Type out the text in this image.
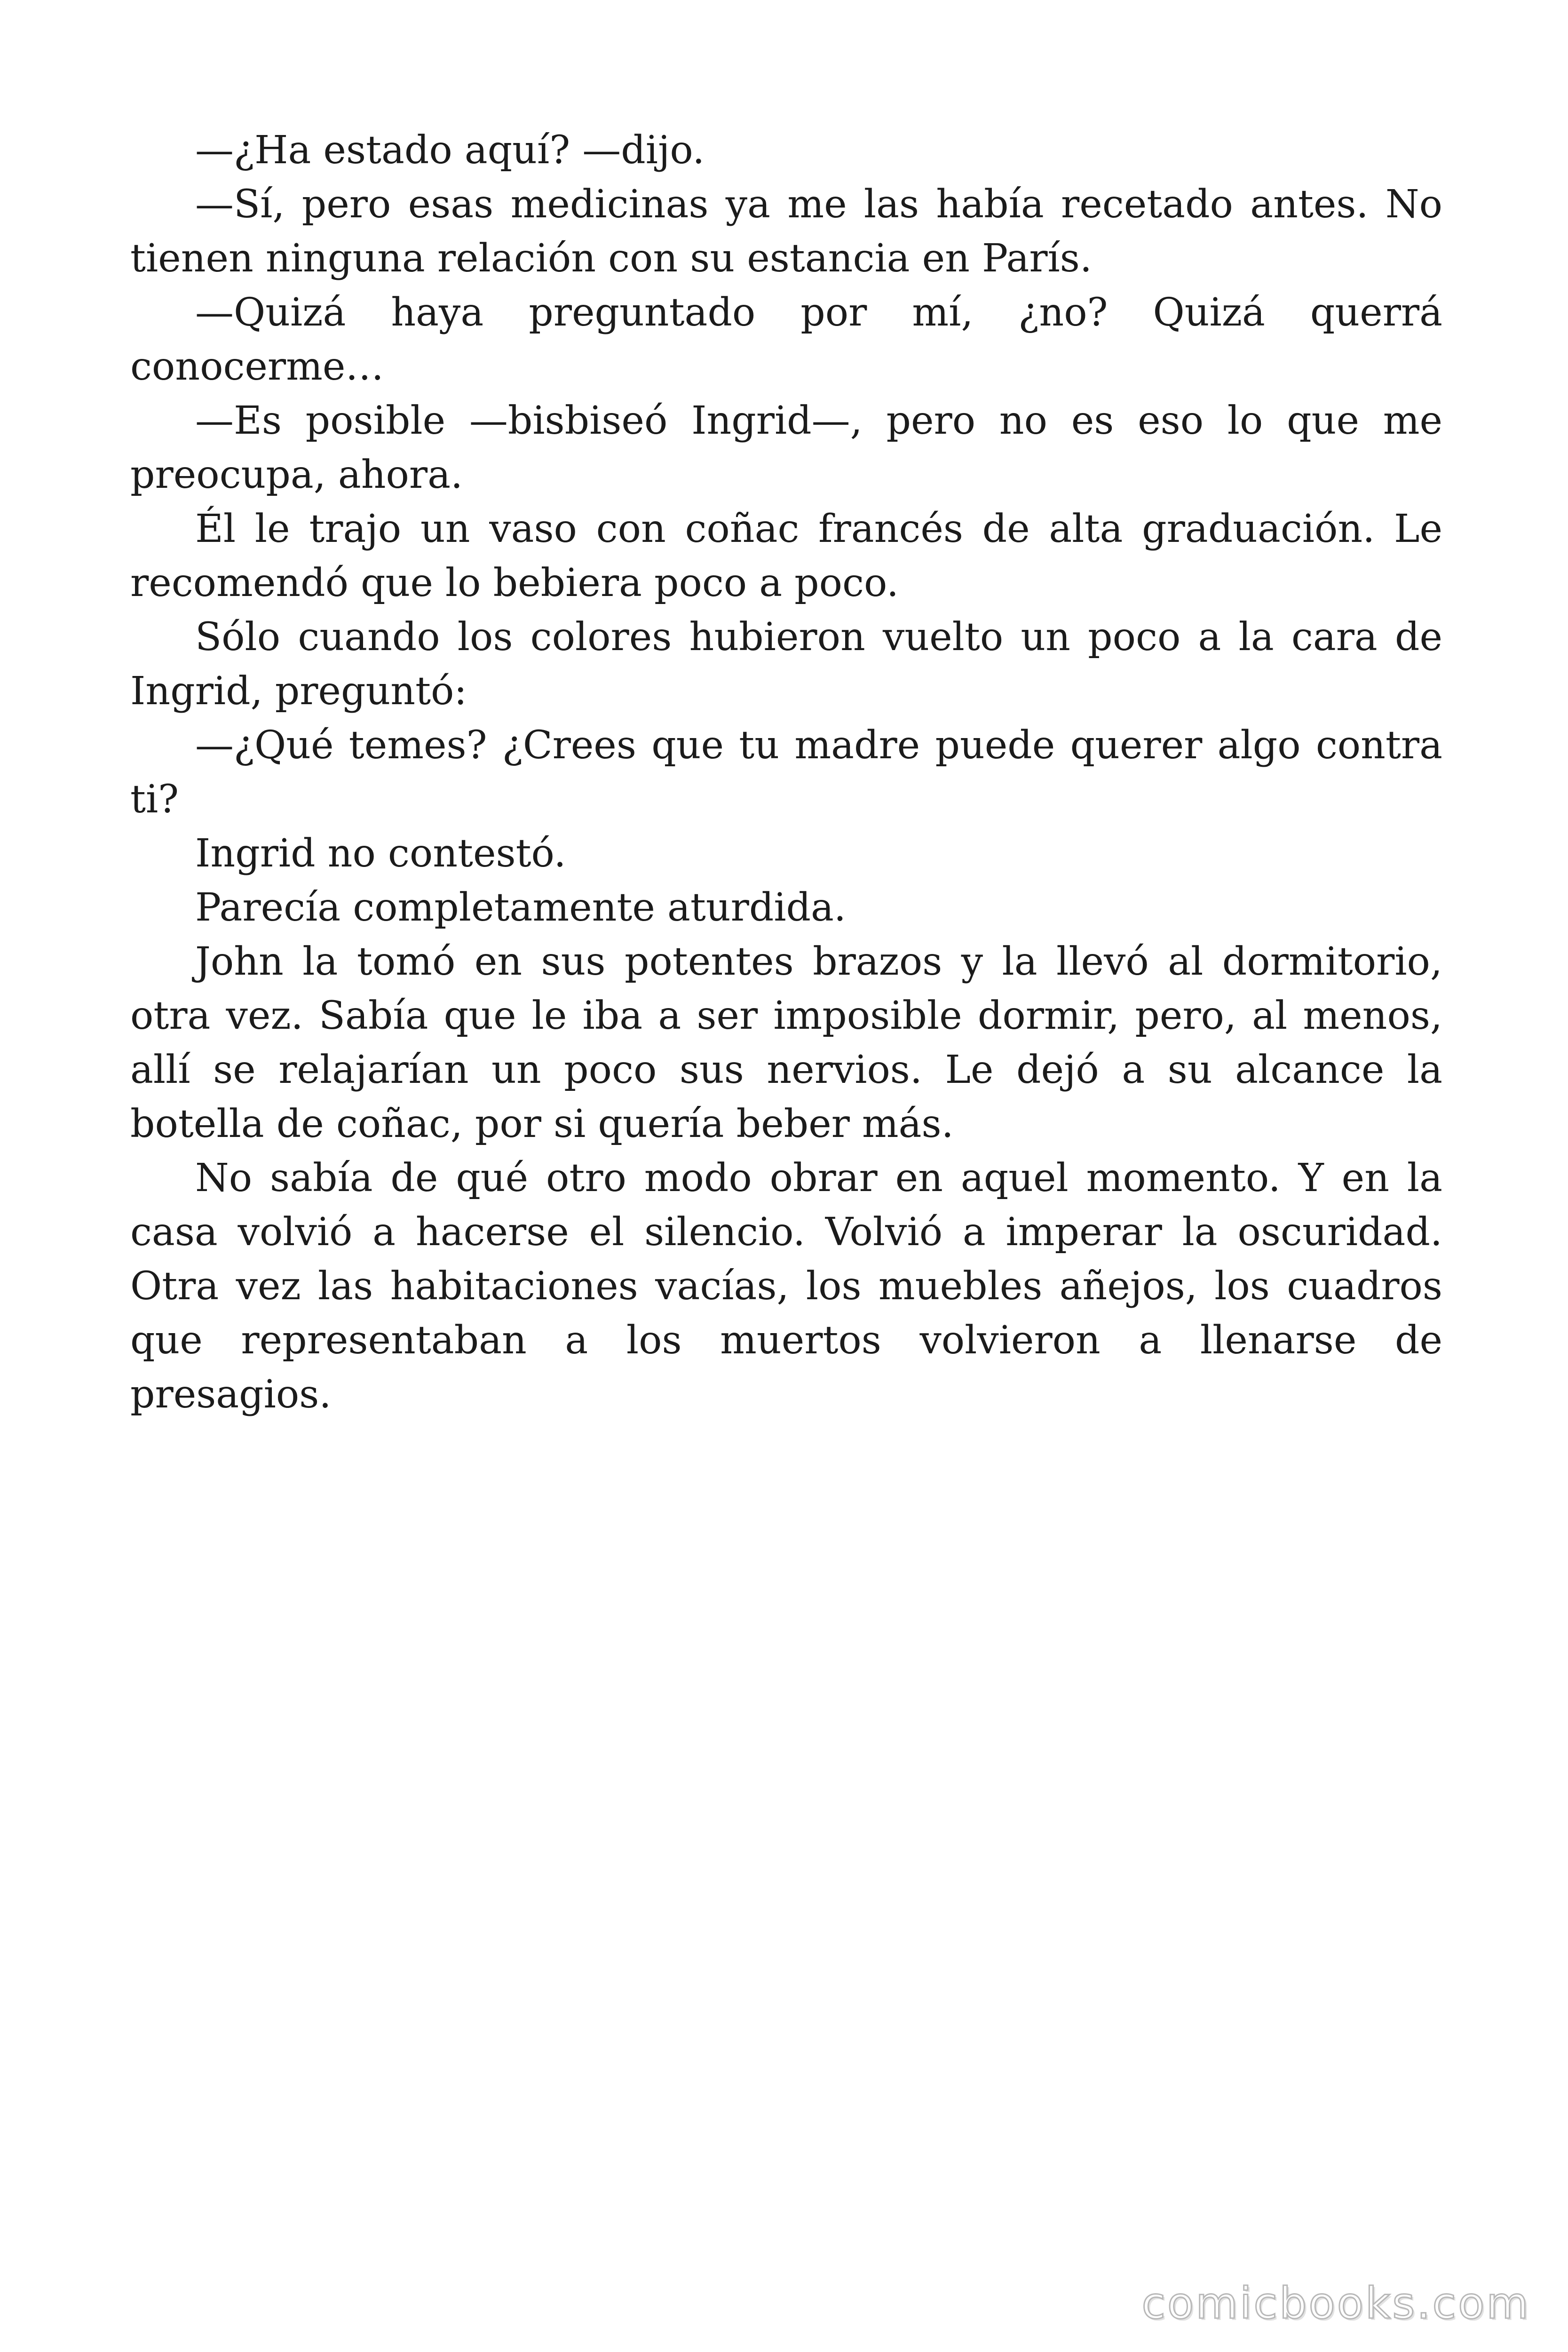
—¿Ha estado aquí? —dijo.

—Sí, pero esas medicinas ya me las había recetado antes. No tienen ninguna relación con su estancia en París.

—Quizá haya preguntado por mí, ¿no? Quizá querrá conocerme…

—Es posible —bisbiseó Ingrid—, pero no es eso lo que me preocupa, ahora.

Él le trajo un vaso con coñac francés de alta graduación. Le recomendó que lo bebiera poco a poco.

Sólo cuando los colores hubieron vuelto un poco a la cara de Ingrid, preguntó:

—¿Qué temes? ¿Crees que tu madre puede querer algo contra ti?

Ingrid no contestó.

Parecía completamente aturdida.

John la tomó en sus potentes brazos y la llevó al dormitorio, otra vez. Sabía que le iba a ser imposible dormir, pero, al menos, allí se relajarían un poco sus nervios. Le dejó a su alcance la botella de coñac, por si quería beber más.

No sabía de qué otro modo obrar en aquel momento. Y en la casa volvió a hacerse el silencio. Volvió a imperar la oscuridad. Otra vez las habitaciones vacías, los muebles añejos, los cuadros que representaban a los muertos volvieron a llenarse de presagios.

comicbooks.com
